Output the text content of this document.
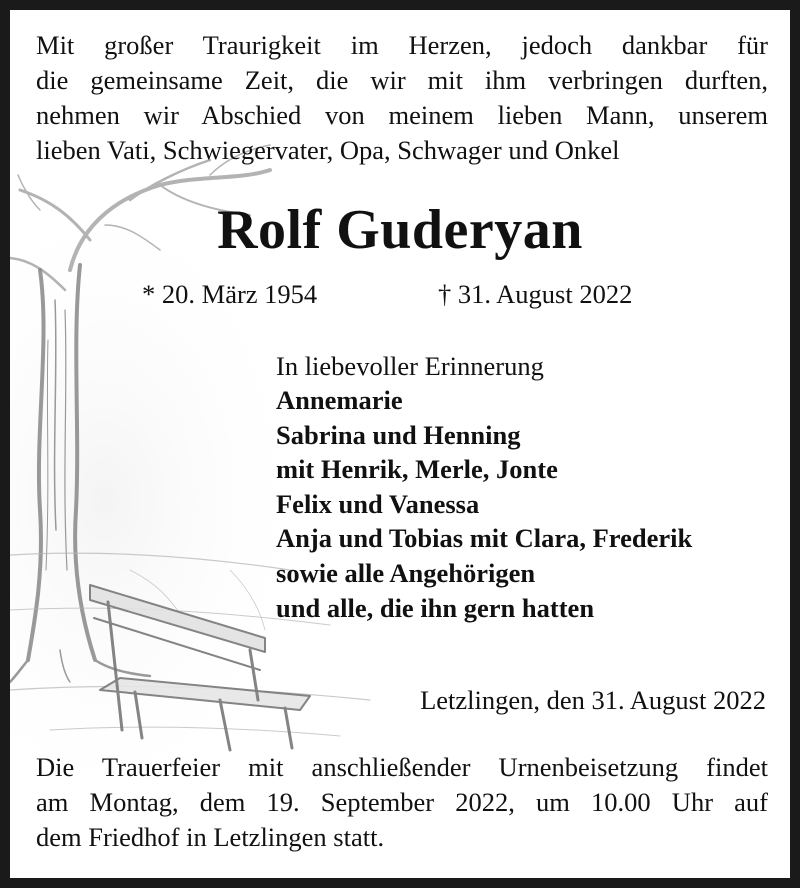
Mit großer Traurigkeit im Herzen, jedoch dankbar für
die gemeinsame Zeit, die wir mit ihm verbringen durften,
nehmen wir Abschied von meinem lieben Mann, unserem
lieben Vati, Schwiegervater, Opa, Schwager und Onkel
Rolf Guderyan
* 20. März 1954	† 31. August 2022
In liebevoller Erinnerung
Annemarie
Sabrina und Henning
mit Henrik, Merle, Jonte
Felix und Vanessa
Anja und Tobias mit Clara, Frederik
sowie alle Angehörigen
und alle, die ihn gern hatten
Letzlingen, den 31. August 2022
Die Trauerfeier mit anschließender Urnenbeisetzung findet
am Montag, dem 19. September 2022, um 10.00 Uhr auf
dem Friedhof in Letzlingen statt.
